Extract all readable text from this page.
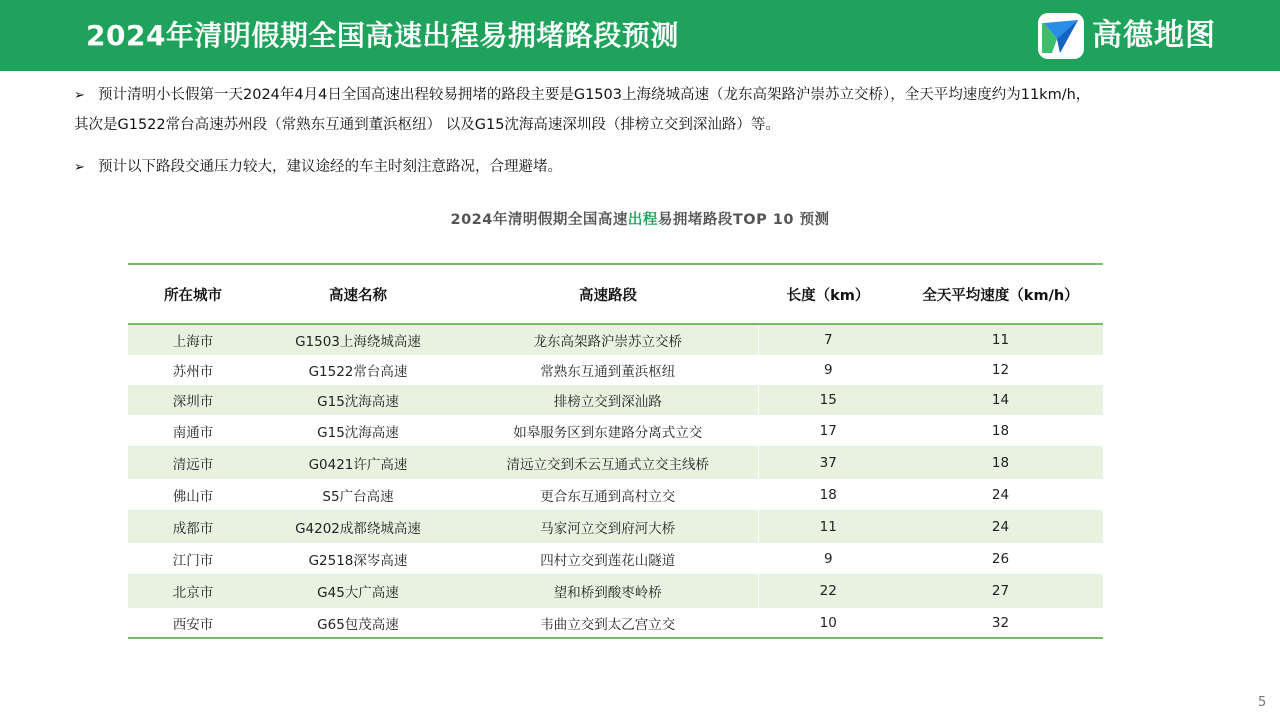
2024年清明假期全国高速出程易拥堵路段预测	高德地图
➢ 预计清明小长假第一天2024年4月4日全国高速出程较易拥堵的路段主要是G1503上海绕城高速（龙东高架路沪崇苏立交桥），全天平均速度约为11km/h，
其次是G1522常台高速苏州段（常熟东互通到董浜枢纽） 以及G15沈海高速深圳段（排榜立交到深汕路）等。
➢ 预计以下路段交通压力较大，建议途经的车主时刻注意路况，合理避堵。
2024年清明假期全国高速出程易拥堵路段TOP 10 预测
所在城市	高速名称	高速路段	长度（km）	全天平均速度（km/h）
上海市	G1503上海绕城高速	龙东高架路沪崇苏立交桥	7	11
苏州市	G1522常台高速	常熟东互通到董浜枢纽	9	12
深圳市	G15沈海高速	排榜立交到深汕路	15	14
南通市	G15沈海高速	如皋服务区到东建路分离式立交	17	18
清远市	G0421许广高速	清远立交到禾云互通式立交主线桥	37	18
佛山市	S5广台高速	更合东互通到高村立交	18	24
成都市	G4202成都绕城高速	马家河立交到府河大桥	11	24
江门市	G2518深岑高速	四村立交到莲花山隧道	9	26
北京市	G45大广高速	望和桥到酸枣岭桥	22	27
西安市	G65包茂高速	韦曲立交到太乙宫立交	10	32
5
